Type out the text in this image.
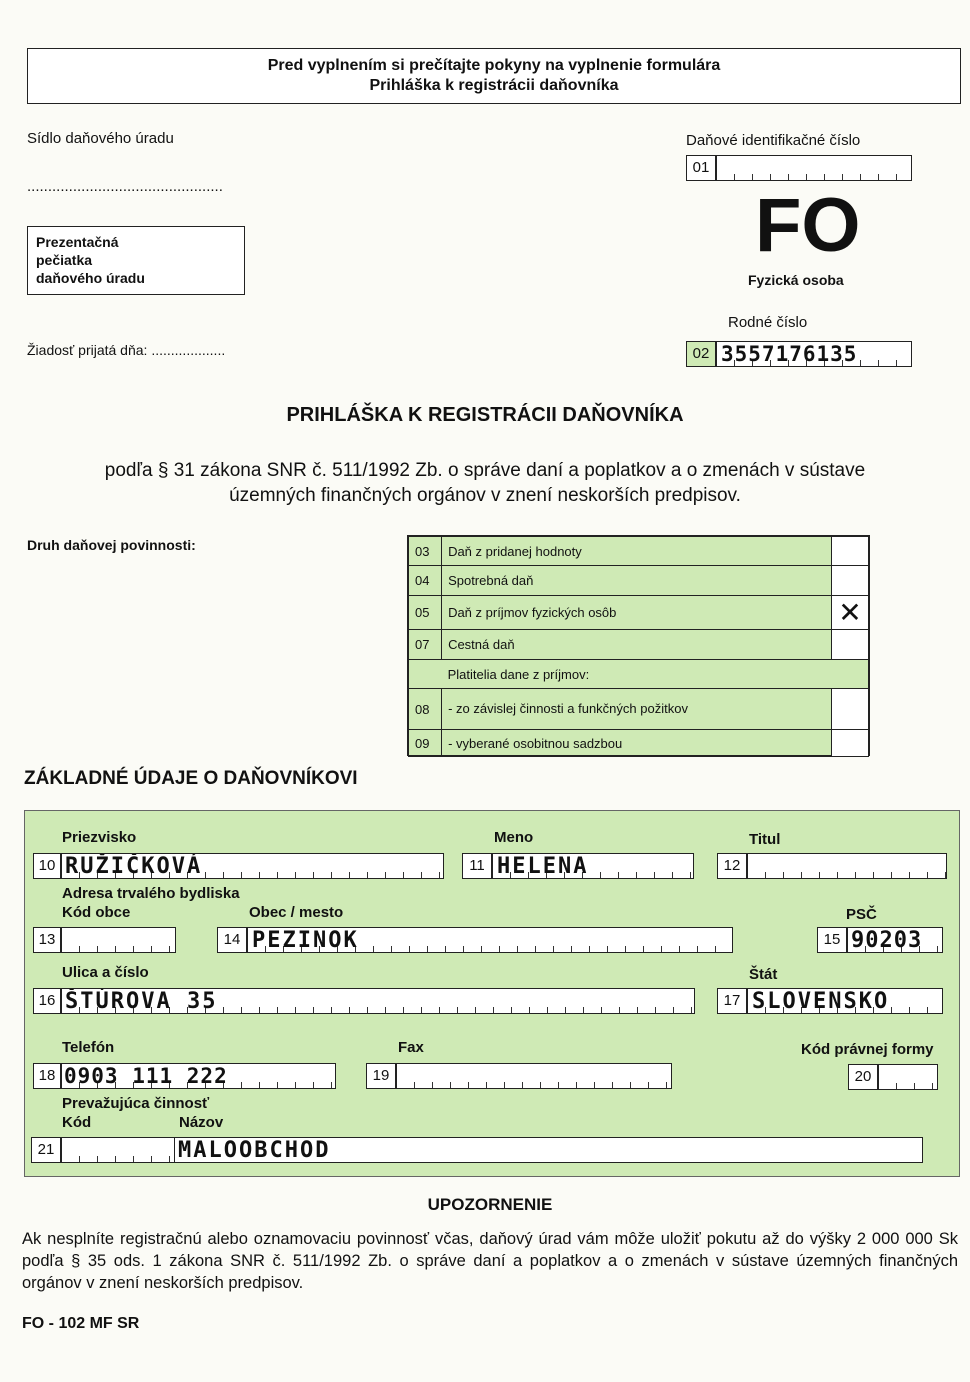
Pred vyplnením si prečítajte pokyny na vyplnenie formulára
Prihláška k registrácii daňovníka
Sídlo daňového úradu
...............................................
Prezentačná pečiatka daňového úradu
Žiadosť prijatá dňa: ...................
Daňové identifikačné číslo
01
FO
Fyzická osoba
Rodné číslo
02 3557176135
PRIHLÁŠKA K REGISTRÁCII DAŇOVNÍKA
podľa § 31 zákona SNR č. 511/1992 Zb. o správe daní a poplatkov a o zmenách v sústave
územných finančných orgánov v znení neskorších predpisov.
Druh daňovej povinnosti:	03	Daň z pridanej hodnoty	
04	Spotrebná daň	
05	Daň z príjmov fyzických osôb	✕
07	Cestná daň	
	Platitelia dane z príjmov:	
08	- zo závislej činnosti a funkčných požitkov	
09	- vyberané osobitnou sadzbou	
ZÁKLADNÉ ÚDAJE O DAŇOVNÍKOVI
Priezvisko
10 RUŽIČKOVÁ
Meno
11 HELENA
Titul
12
Adresa trvalého bydliska
Kód obce
13
Obec / mesto
14 PEZINOK
PSČ
15 90203
Ulica a číslo
16 ŠTÚROVA 35
Štát
17 SLOVENSKO
Telefón
18 0903 111 222
Fax
19
Kód právnej formy
20
Prevažujúca činnosť
Kód	Názov
21	MALOOBCHOD
UPOZORNENIE
Ak nesplníte registračnú alebo oznamovaciu povinnosť včas, daňový úrad vám môže uložiť pokutu až do výšky 2 000 000 Sk podľa § 35 ods. 1 zákona SNR č. 511/1992 Zb. o správe daní a poplatkov a o zmenách v sústave územných finančných orgánov v znení neskorších predpisov.
FO - 102 MF SR
